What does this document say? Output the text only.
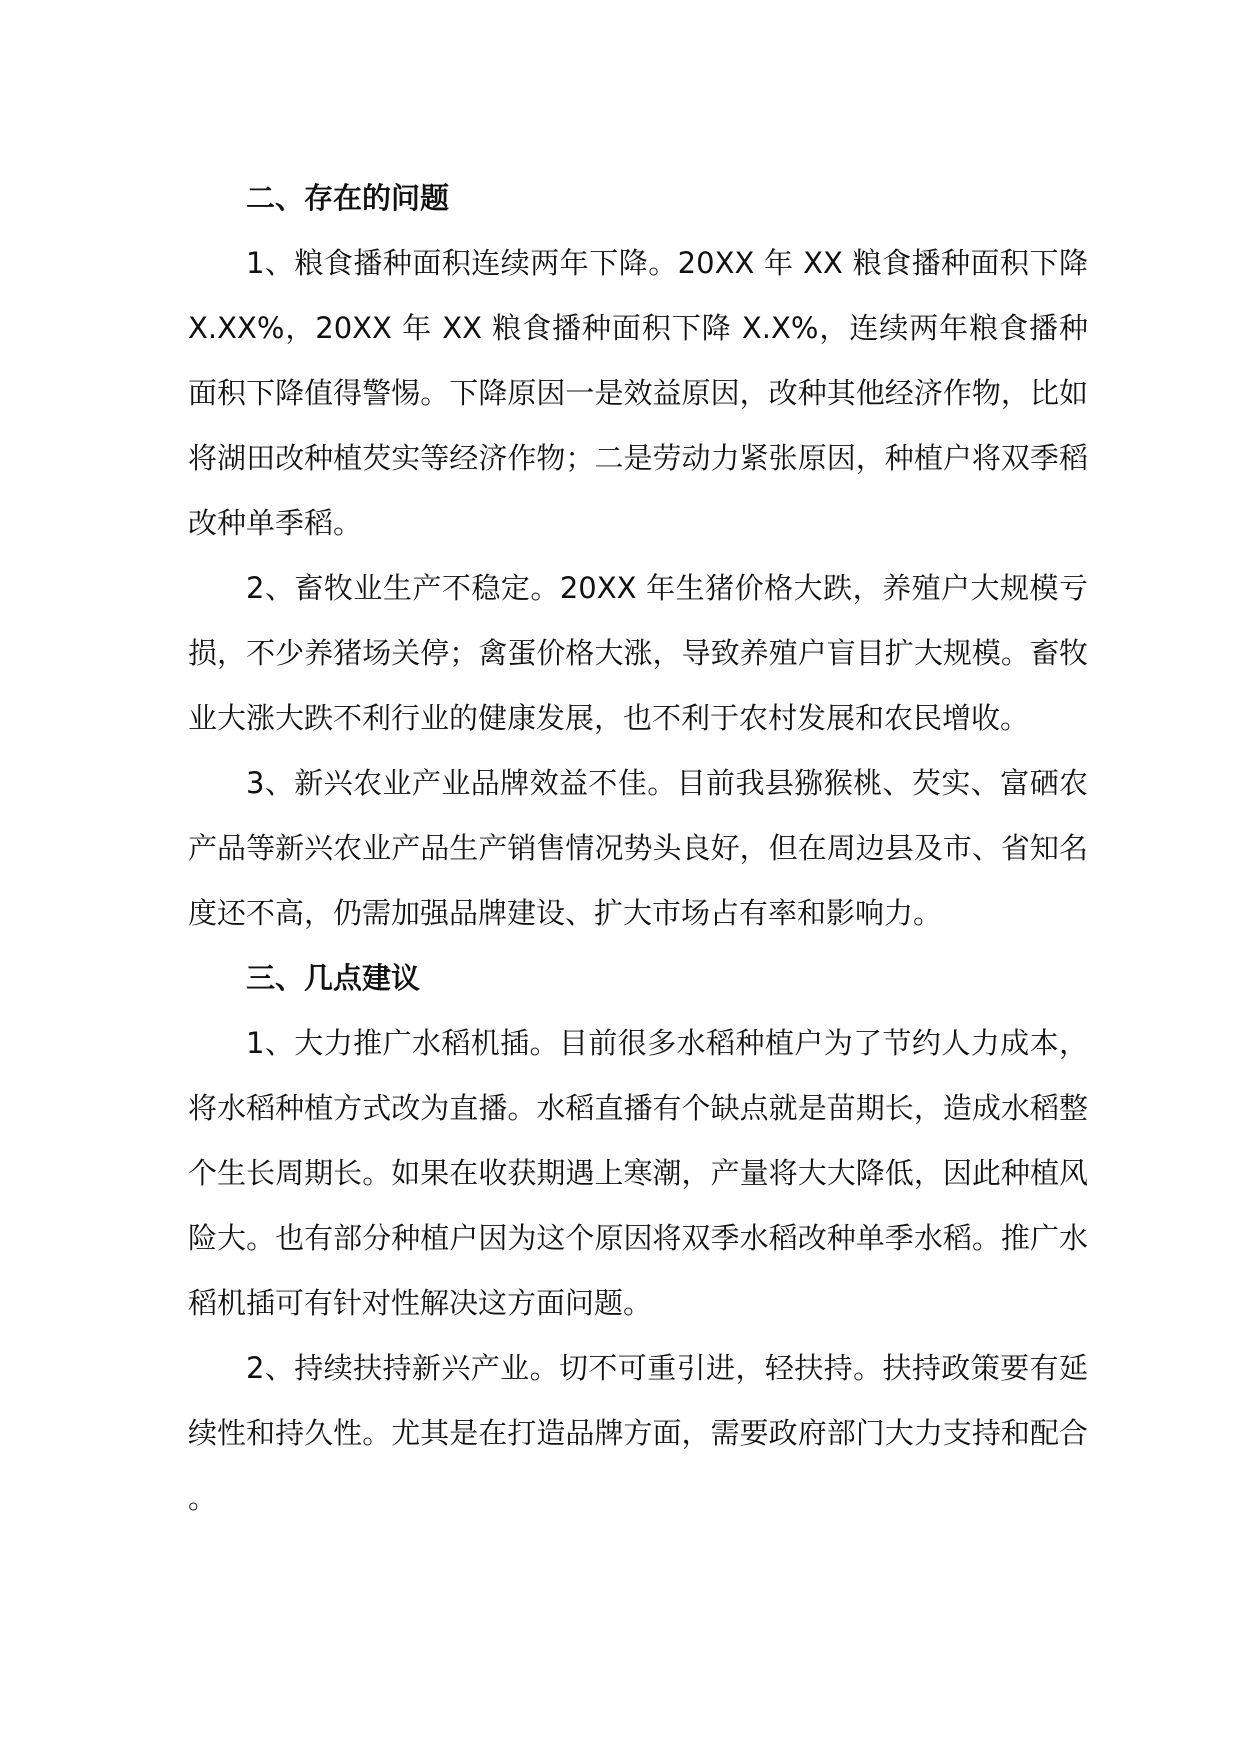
二、存在的问题

1、粮食播种面积连续两年下降。20XX 年 XX 粮食播种面积下降 X.XX%，20XX 年 XX 粮食播种面积下降 X.X%，连续两年粮食播种面积下降值得警惕。下降原因一是效益原因，改种其他经济作物，比如将湖田改种植芡实等经济作物；二是劳动力紧张原因，种植户将双季稻改种单季稻。

2、畜牧业生产不稳定。20XX 年生猪价格大跌，养殖户大规模亏损，不少养猪场关停；禽蛋价格大涨，导致养殖户盲目扩大规模。畜牧业大涨大跌不利行业的健康发展，也不利于农村发展和农民增收。

3、新兴农业产业品牌效益不佳。目前我县猕猴桃、芡实、富硒农产品等新兴农业产品生产销售情况势头良好，但在周边县及市、省知名度还不高，仍需加强品牌建设、扩大市场占有率和影响力。

三、几点建议

1、大力推广水稻机插。目前很多水稻种植户为了节约人力成本，将水稻种植方式改为直播。水稻直播有个缺点就是苗期长，造成水稻整个生长周期长。如果在收获期遇上寒潮，产量将大大降低，因此种植风险大。也有部分种植户因为这个原因将双季水稻改种单季水稻。推广水稻机插可有针对性解决这方面问题。

2、持续扶持新兴产业。切不可重引进，轻扶持。扶持政策要有延续性和持久性。尤其是在打造品牌方面，需要政府部门大力支持和配合。
